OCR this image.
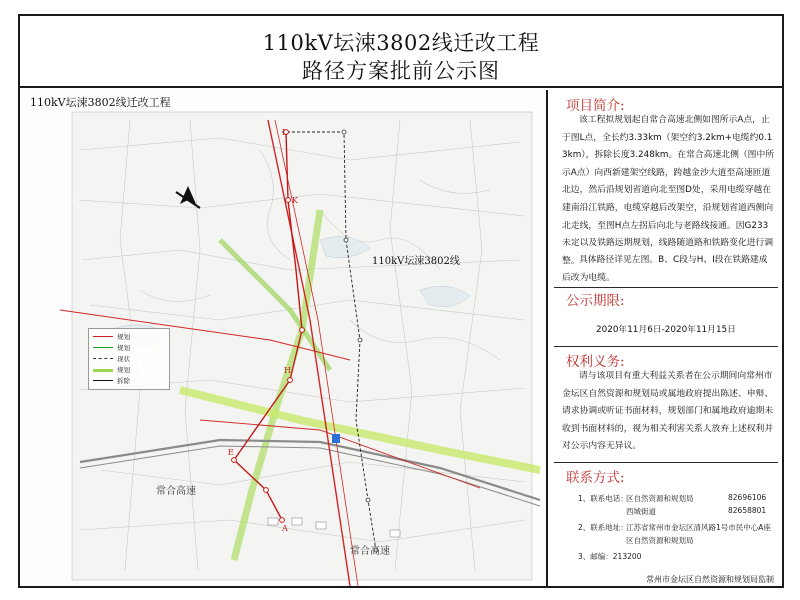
110kV坛涑3802线迁改工程
路径方案批前公示图
110kV坛涑3802线迁改工程
110kV坛涑3802线
常合高速
常合高速
L
K
H
E
A
规划
规划
现状
规划
拆除
项目简介:
该工程拟规划起自常合高速北侧如图所示A点，止于图L点，全长约3.33km（架空约3.2km+电缆约0.13km），拆除长度3.248km。在常合高速北侧（图中所示A点）向西新建架空线路，跨越金沙大道至高速匝道北边，然后沿规划省道向北至图D处，采用电缆穿越在建南沿江铁路，电缆穿越后改架空，沿规划省道西侧向北走线，至图H点左拐后向北与老路线接通。因G233未定以及铁路远期规划，线路随道路和铁路变化进行调整。 具体路径详见左图。B、C段与H、I段在铁路建成后改为电缆。
公示期限:
2020年11月6日-2020年11月15日
权利义务:
请与该项目有重大利益关系者在公示期间向常州市金坛区自然资源和规划局或属地政府提出陈述、申辩、请求协调或听证书面材料，规划部门和属地政府逾期未收到书面材料的，视为相关利害关系人放弃上述权利并对公示内容无异议。
联系方式:
1、联系电话：
区自然资源和规划局	82696106
西城街道	82658801
2、联系地址：
江苏省常州市金坛区清风路1号市民中心A座
区自然资源和规划局
3、邮编：213200
常州市金坛区自然资源和规划局监制
